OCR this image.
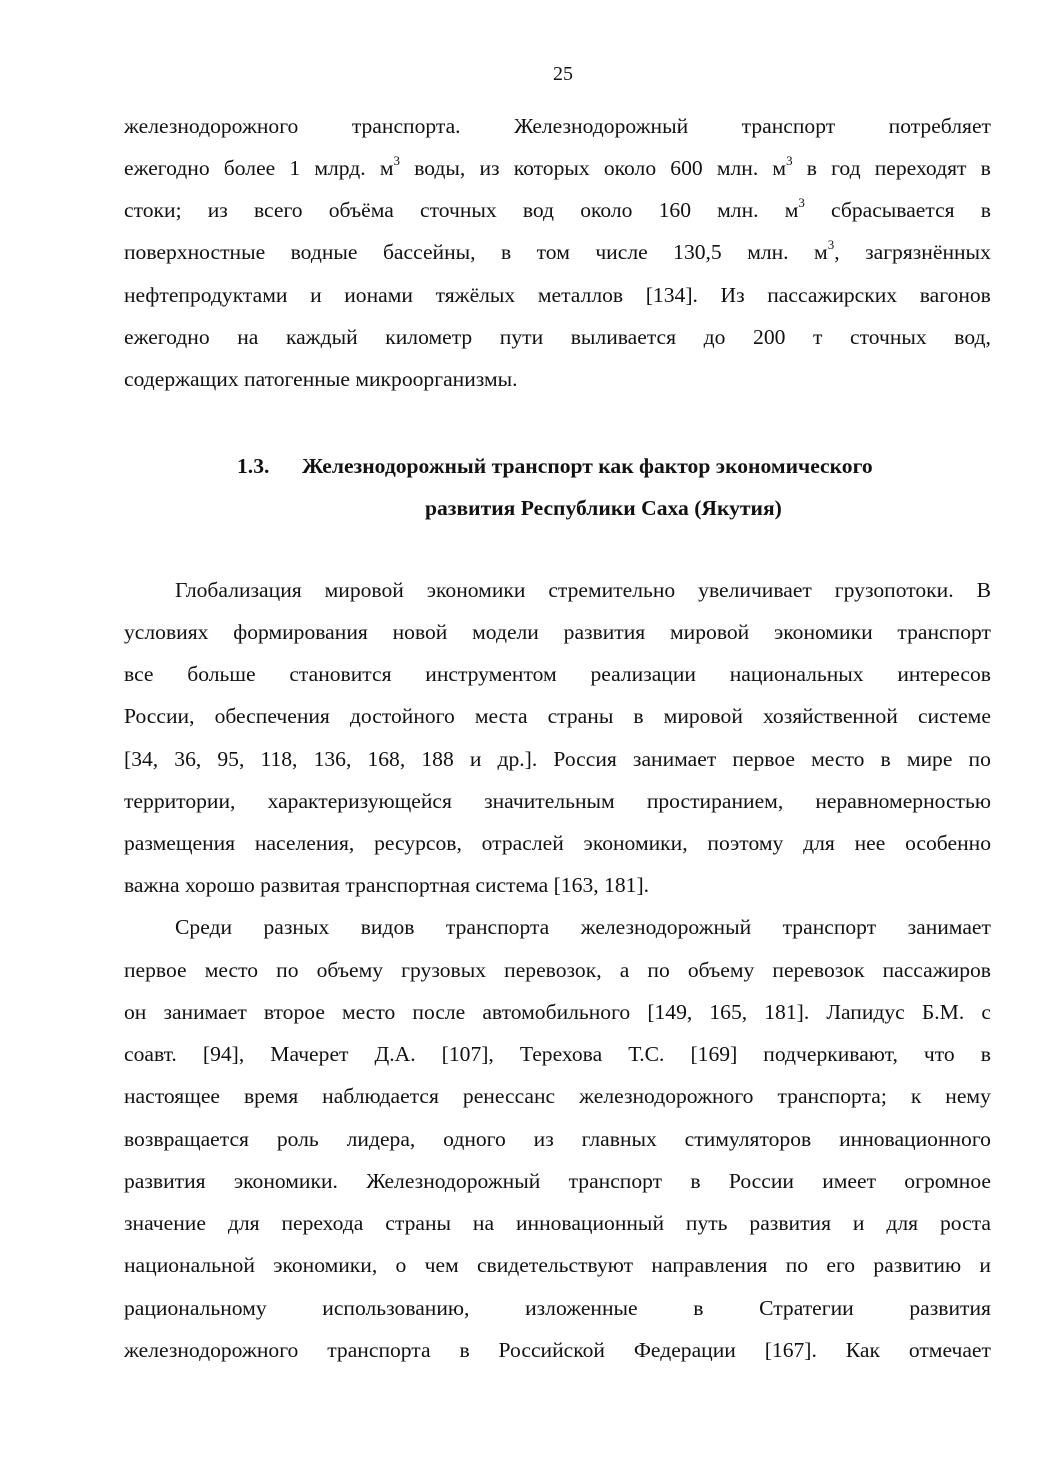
25
железнодорожного транспорта. Железнодорожный транспорт потребляет
ежегодно более 1 млрд. $м^3$ воды, из которых около 600 млн. $м^3$ в год переходят в
стоки; из всего объёма сточных вод около 160 млн. $м^3$ сбрасывается в
поверхностные водные бассейны, в том числе 130,5 млн. $м^3$, загрязнённых
нефтепродуктами и ионами тяжёлых металлов [134]. Из пассажирских вагонов
ежегодно на каждый километр пути выливается до 200 т сточных вод,
содержащих патогенные микроорганизмы.
1.3. Железнодорожный транспорт как фактор экономического
развития Республики Саха (Якутия)
Глобализация мировой экономики стремительно увеличивает грузопотоки. В
условиях формирования новой модели развития мировой экономики транспорт
все больше становится инструментом реализации национальных интересов
России, обеспечения достойного места страны в мировой хозяйственной системе
[34, 36, 95, 118, 136, 168, 188 и др.]. Россия занимает первое место в мире по
территории, характеризующейся значительным простиранием, неравномерностью
размещения населения, ресурсов, отраслей экономики, поэтому для нее особенно
важна хорошо развитая транспортная система [163, 181].
Среди разных видов транспорта железнодорожный транспорт занимает
первое место по объему грузовых перевозок, а по объему перевозок пассажиров
он занимает второе место после автомобильного [149, 165, 181]. Лапидус Б.М. с
соавт. [94], Мачерет Д.А. [107], Терехова Т.С. [169] подчеркивают, что в
настоящее время наблюдается ренессанс железнодорожного транспорта; к нему
возвращается роль лидера, одного из главных стимуляторов инновационного
развития экономики. Железнодорожный транспорт в России имеет огромное
значение для перехода страны на инновационный путь развития и для роста
национальной экономики, о чем свидетельствуют направления по его развитию и
рациональному	использованию,	изложенные	в	Стратегии	развития
железнодорожного транспорта в Российской Федерации [167]. Как отмечает
